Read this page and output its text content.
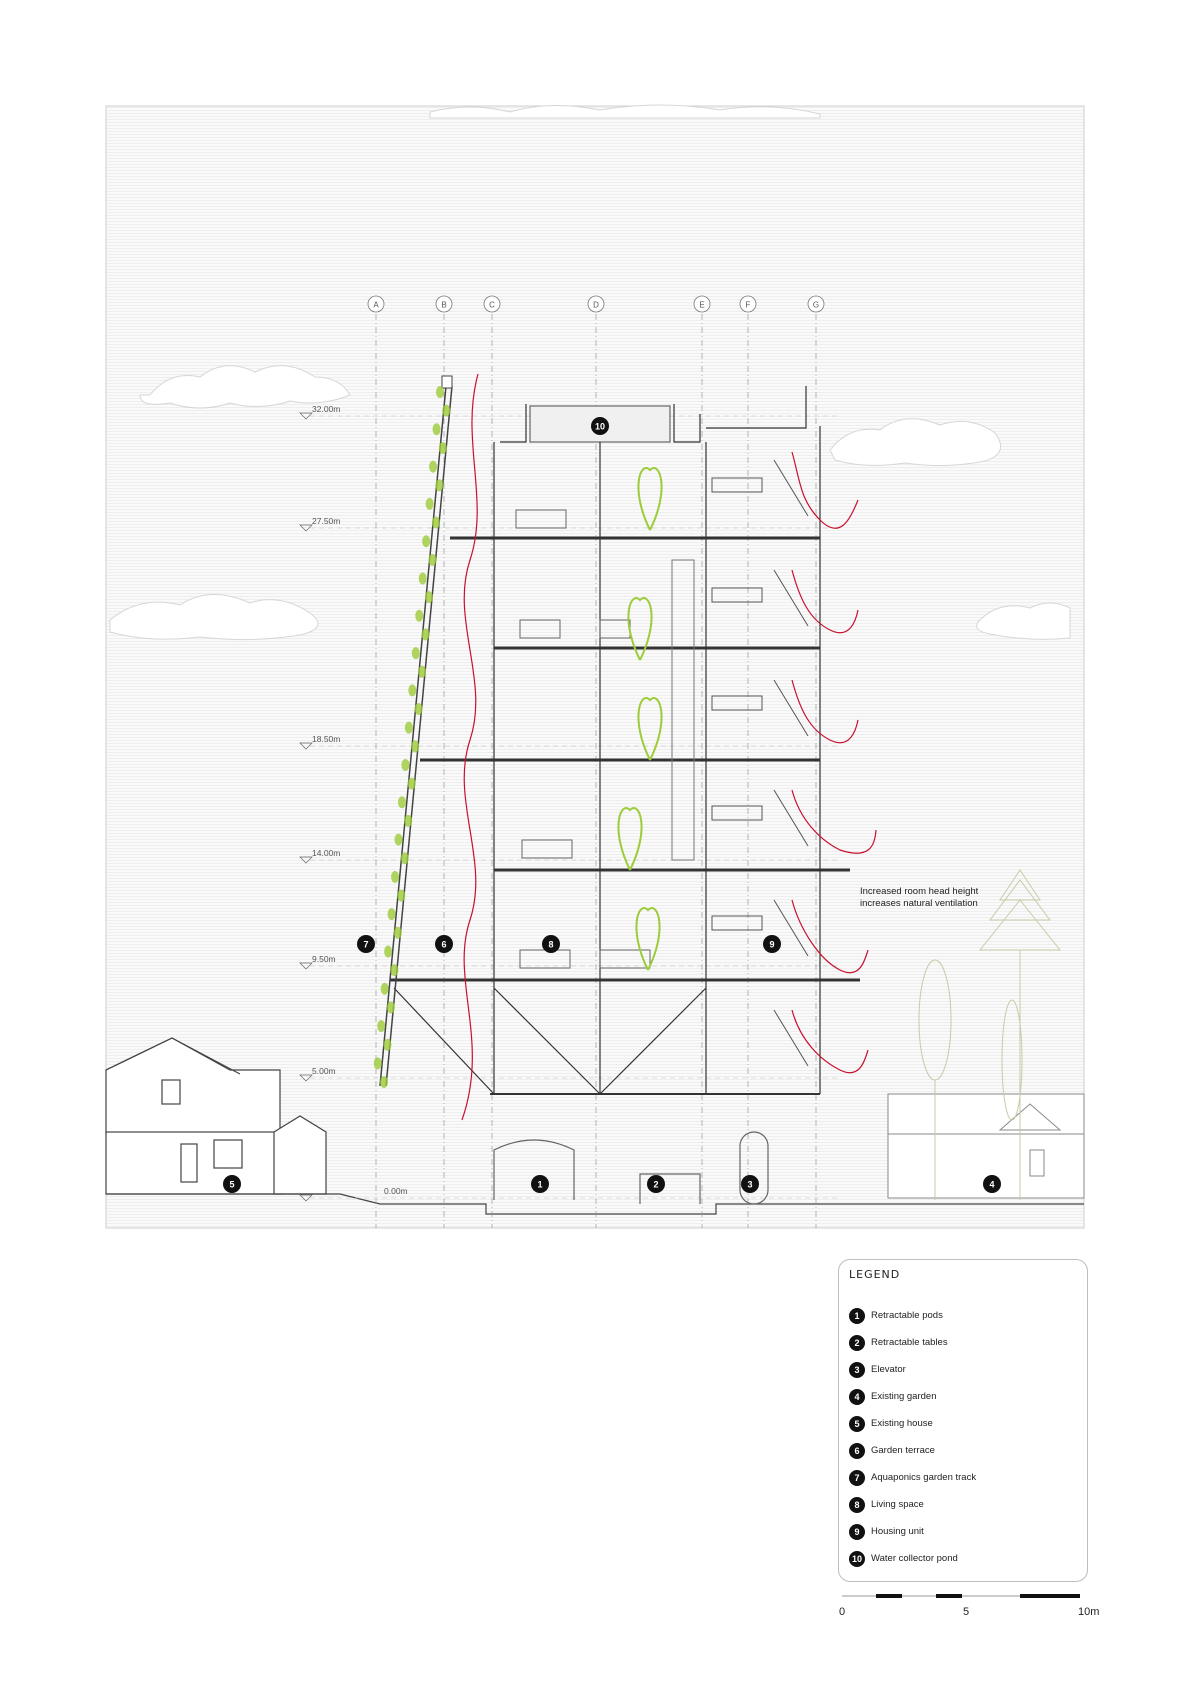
A	B	C	D	E	F	G
32.00m
27.50m
18.50m
14.00m
9.50m
5.00m
0.00m
Increased room head height
increases natural ventilation
1	2	3	4
5
6
7	8	9
10
LEGEND
1	Retractable pods
2	Retractable tables
3	Elevator
4	Existing garden
5	Existing house
6	Garden terrace
7	Aquaponics garden track
8	Living space
9	Housing unit
10 Water collector pond
0	5	10m
